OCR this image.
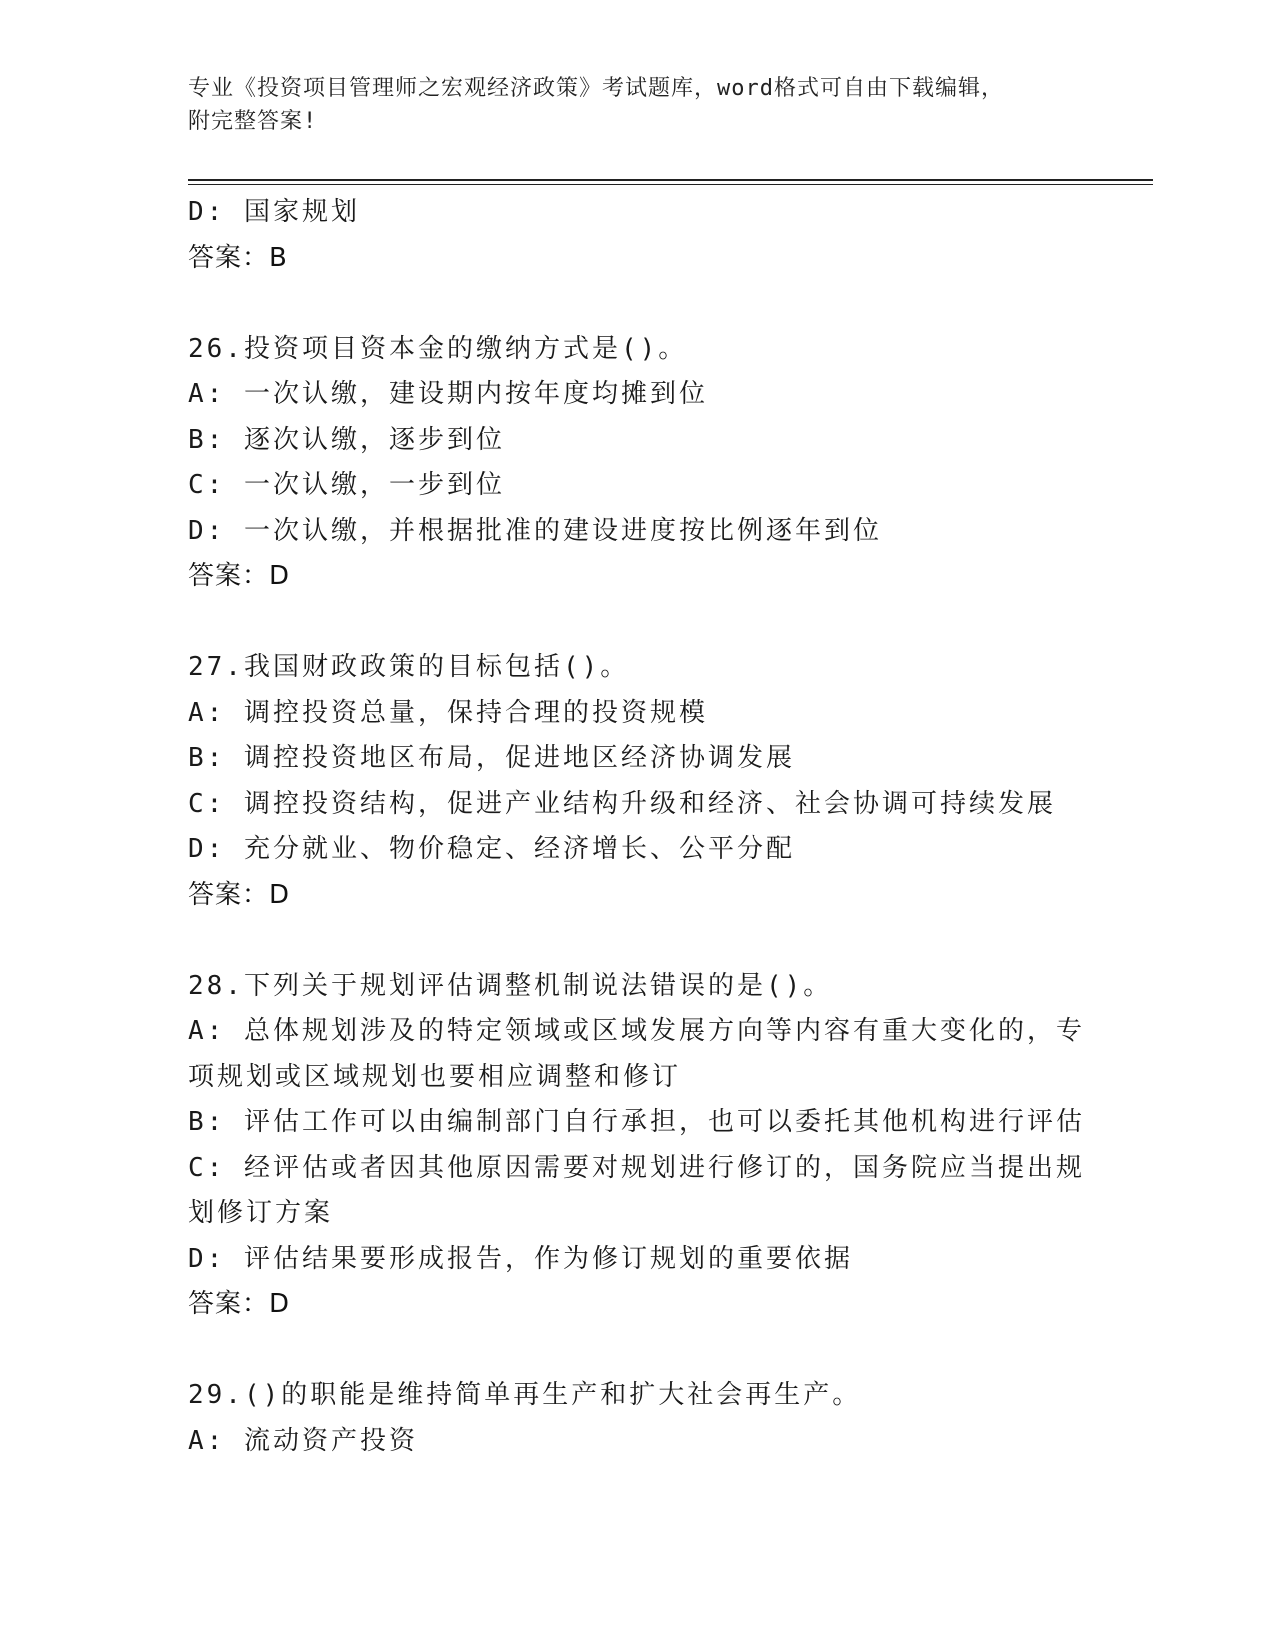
专业《投资项目管理师之宏观经济政策》考试题库，word格式可自由下载编辑，
附完整答案!
D: 国家规划
答案：B
26.投资项目资本金的缴纳方式是()。
A: 一次认缴，建设期内按年度均摊到位
B: 逐次认缴，逐步到位
C: 一次认缴，一步到位
D: 一次认缴，并根据批准的建设进度按比例逐年到位
答案：D
27.我国财政政策的目标包括()。
A: 调控投资总量，保持合理的投资规模
B: 调控投资地区布局，促进地区经济协调发展
C: 调控投资结构，促进产业结构升级和经济、社会协调可持续发展
D: 充分就业、物价稳定、经济增长、公平分配
答案：D
28.下列关于规划评估调整机制说法错误的是()。
A: 总体规划涉及的特定领域或区域发展方向等内容有重大变化的，专
项规划或区域规划也要相应调整和修订
B: 评估工作可以由编制部门自行承担，也可以委托其他机构进行评估
C: 经评估或者因其他原因需要对规划进行修订的，国务院应当提出规
划修订方案
D: 评估结果要形成报告，作为修订规划的重要依据
答案：D
29.()的职能是维持简单再生产和扩大社会再生产。
A: 流动资产投资
